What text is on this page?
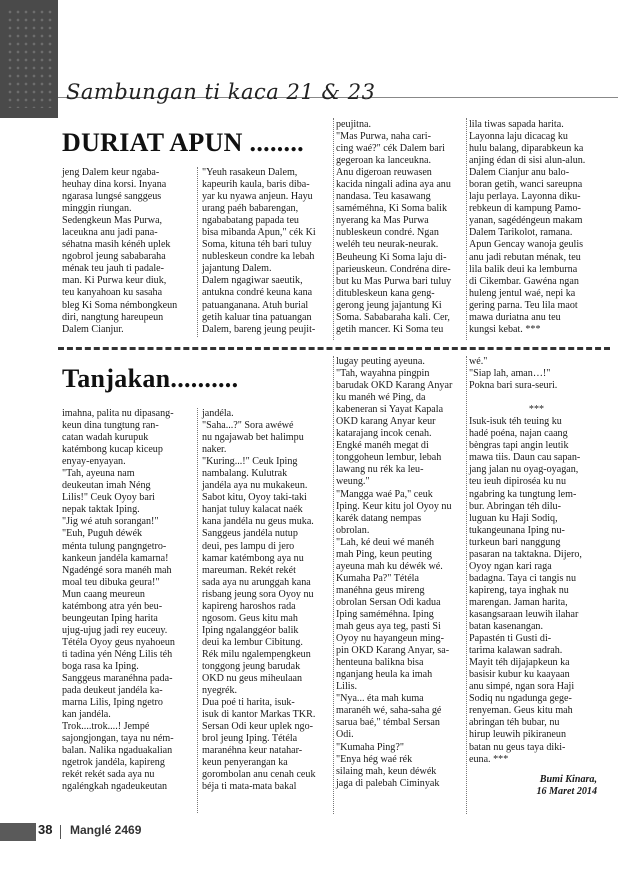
Sambungan ti kaca 21 & 23
DURIAT APUN ........

jeng Dalem keur ngaba-

heuhay dina korsi. Inyana

ngarasa lungsé sanggeus

minggin riungan.

Sedengkeun Mas Purwa,

laceukna anu jadi pana-

séhatna masih kénéh uplek

ngobrol jeung sababaraha

ménak teu jauh ti padale-

man. Ki Purwa keur diuk,

teu kanyahoan ku sasaha

bleg Ki Soma némbongkeun

diri, nangtung hareupeun

Dalem Cianjur.

"Yeuh rasakeun Dalem,

kapeurih kaula, baris diba-

yar ku nyawa anjeun. Hayu

urang paéh babarengan,

ngababatang papada teu

bisa mibanda Apun," cék Ki

Soma, kituna téh bari tuluy

nubleskeun condre ka lebah

jajantung Dalem.

Dalem ngagiwar saeutik,

antukna condré keuna kana

patuanganana. Atuh burial

getih kaluar tina patuangan

Dalem, bareng jeung peujit-

peujitna.

"Mas Purwa, naha cari-

cing waé?" cék Dalem bari

gegeroan ka lanceukna.

Anu digeroan reuwasen

kacida ningali adina aya anu

nandasa. Teu kasawang

saméméhna, Ki Soma balik

nyerang ka Mas Purwa

nubleskeun condré. Ngan

weléh teu neurak-neurak.

Beuheung Ki Soma laju di-

parieuskeun. Condréna dire-

but ku Mas Purwa bari tuluy

ditubleskeun kana geng-

gerong jeung jajantung Ki

Soma. Sababaraha kali. Cer,

getih mancer. Ki Soma teu

lila tiwas sapada harita.

Layonna laju dicacag ku

hulu balang, diparabkeun ka

anjing édan di sisi alun-alun.

Dalem Cianjur anu balo-

boran getih, wanci sareupna

laju perlaya. Layonna diku-

rebkeun di kampung Pamo-

yanan, sagédéngeun makam

Dalem Tarikolot, ramana.

Apun Gencay wanoja geulis

anu jadi rebutan ménak, teu

lila balik deui ka lemburna

di Cikembar. Gawéna ngan

huleng jentul waé, nepi ka

gering parna. Teu lila maot

mawa duriatna anu teu

kungsi kebat. ***

Tanjakan..........

imahna, palita nu dipasang-

keun dina tungtung ran-

catan wadah kurupuk

katémbong kucap kiceup

enyay-enyayan.

"Tah, ayeuna nam

deukeutan imah Néng

Lilis!" Ceuk Oyoy bari

nepak taktak Iping.

"Jig wé atuh sorangan!"

"Euh, Puguh déwék

ménta tulung pangngetro-

kankeun jandéla kamarna!

Ngadéngé sora manéh mah

moal teu dibuka geura!"

Mun caang meureun

katémbong atra yén beu-

beungeutan Iping harita

ujug-ujug jadi rey euceuy.

Tétéla Oyoy geus nyahoeun

ti tadina yén Néng Lilis téh

boga rasa ka Iping.

Sanggeus maranéhna pada-

pada deukeut jandéla ka-

marna Lilis, Iping ngetro

kan jandéla.

Trok....trok....! Jempé

sajongjongan, taya nu ném-

balan. Nalika ngaduakalian

ngetrok jandéla, kapireng

rekét rekét sada aya nu

ngaléngkah ngadeukeutan

jandéla.

"Saha...?" Sora awéwé

nu ngajawab bet halimpu

naker.

"Kuring...!" Ceuk Iping

nambalang. Kulutrak

jandéla aya nu mukakeun.

Sabot kitu, Oyoy taki-taki

hanjat tuluy kalacat naék

kana jandéla nu geus muka.

Sanggeus jandéla nutup

deui, pes lampu di jero

kamar katémbong aya nu

mareuman. Rekét rekét

sada aya nu arunggah kana

risbang jeung sora Oyoy nu

kapireng haroshos rada

ngosom. Geus kitu mah

Iping ngalanggéor balik

deui ka lembur Cibitung.

Rék milu ngalempengkeun

tonggong jeung barudak

OKD nu geus miheulaan

nyegrék.

Dua poé ti harita, isuk-

isuk di kantor Markas TKR.

Sersan Odi keur uplek ngo-

brol jeung Iping. Tétéla

maranéhna keur natahar-

keun penyerangan ka

gorombolan anu cenah ceuk

béja ti mata-mata bakal

lugay peuting ayeuna.

"Tah, wayahna pingpin

barudak OKD Karang Anyar

ku manéh wé Ping, da

kabeneran si Yayat Kapala

OKD karang Anyar keur

katarajang incok cenah.

Engké manéh megat di

tonggoheun lembur, lebah

lawang nu rék ka leu-

weung."

"Mangga waé Pa," ceuk

Iping. Keur kitu jol Oyoy nu

karék datang nempas

obrolan.

"Lah, ké deui wé manéh

mah Ping, keun peuting

ayeuna mah ku déwék wé.

Kumaha Pa?" Tétéla

manéhna geus mireng

obrolan Sersan Odi kadua

Iping saméméhna. Iping

mah geus aya teg, pasti Si

Oyoy nu hayangeun ming-

pin OKD Karang Anyar, sa-

henteuna balikna bisa

nganjang heula ka imah

Lilis.

"Nya... éta mah kuma

maranéh wé, saha-saha gé

sarua baé," témbal Sersan

Odi.

"Kumaha Ping?"

"Enya hég waé rék

silaing mah, keun déwék

jaga di palebah Ciminyak

wé."

"Siap lah, aman…!"

Pokna bari sura-seuri.

***

Isuk-isuk téh teuing ku

hadé poéna, najan caang

bèngras tapi angin leutik

mawa tiis. Daun cau sapan-

jang jalan nu oyag-oyagan,

teu ieuh dipiroséa ku nu

ngabring ka tungtung lem-

bur. Abringan téh dilu-

luguan ku Haji Sodiq,

tukangeunana Iping nu-

turkeun bari nanggung

pasaran na taktakna. Dijero,

Oyoy ngan kari raga

badagna. Taya ci tangis nu

kapireng, taya inghak nu

marengan. Jaman harita,

kasangsaraan leuwih ilahar

batan kasenangan.

Papastén ti Gusti di-

tarima kalawan sadrah.

Mayit téh dijajapkeun ka

basisir kubur ku kaayaan

anu simpé, ngan sora Haji

Sodiq nu ngadunga gege-

renyeman. Geus kitu mah

abringan téh bubar, nu

hirup leuwih pikiraneun

batan nu geus taya diki-

euna. ***

Bumi Kinara,
16 Maret 2014
38 Manglé 2469
